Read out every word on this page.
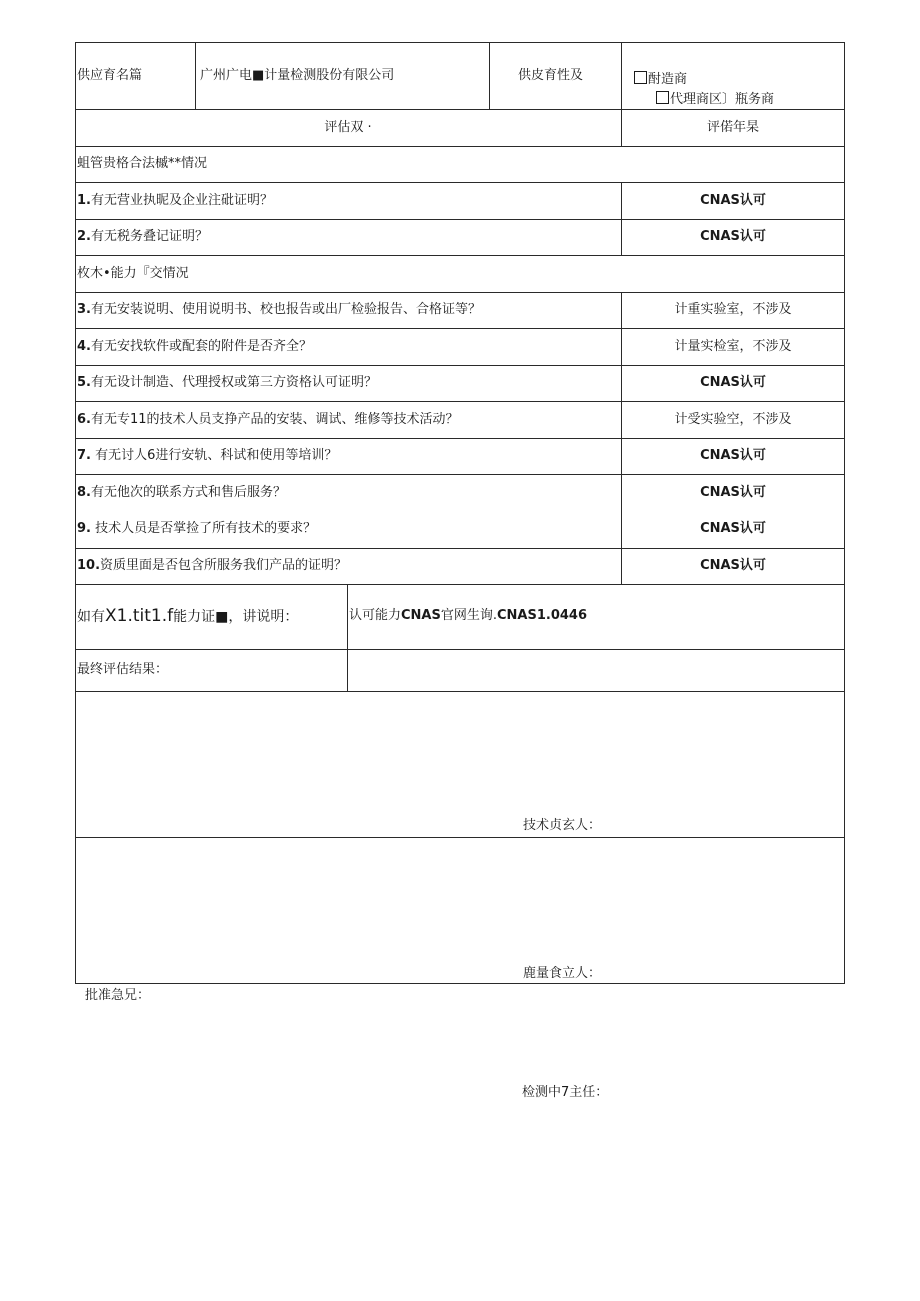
供应育名篇	广州广电■计量检测股份有限公司	供皮育性及	酎造商
代理商区〕瓶务商
评估双 ·	评偌年杲
蛆管贵格合法槭**情况
1.有无营业执昵及企业注砒证明？	CNAS认可
2.有无税务叠记证明？	CNAS认可
枚木•能力『交情况
3.有无安装说明、使用说明书、校也报告或出厂检验报告、合格证等？	计重实验室，不涉及
4.有无安找软件或配套的附件是否齐全？	计量实检室，不涉及
5.有无设计制造、代理授权或第三方资格认可证明？	CNAS认可
6.有无专11的技术人员支挣产品的安装、调试、维修等技术活动？	计受实验空，不涉及
7. 有无讨人6进行安轨、科试和使用等培训？	CNAS认可
8.有无他次的联系方式和售后服务？	CNAS认可
9. 技术人员是否掌捡了所有技术的要求？	CNAS认可
10.资质里面是否包含所服务我们产品的证明？	CNAS认可
如有X1.tit1.f能力证■，讲说明：	认可能力CNAS官网生询.CNAS1.0446
最终评估结果：
技术贞玄人：
鹿量食立人：
批准急兄：
检测中7主任：
